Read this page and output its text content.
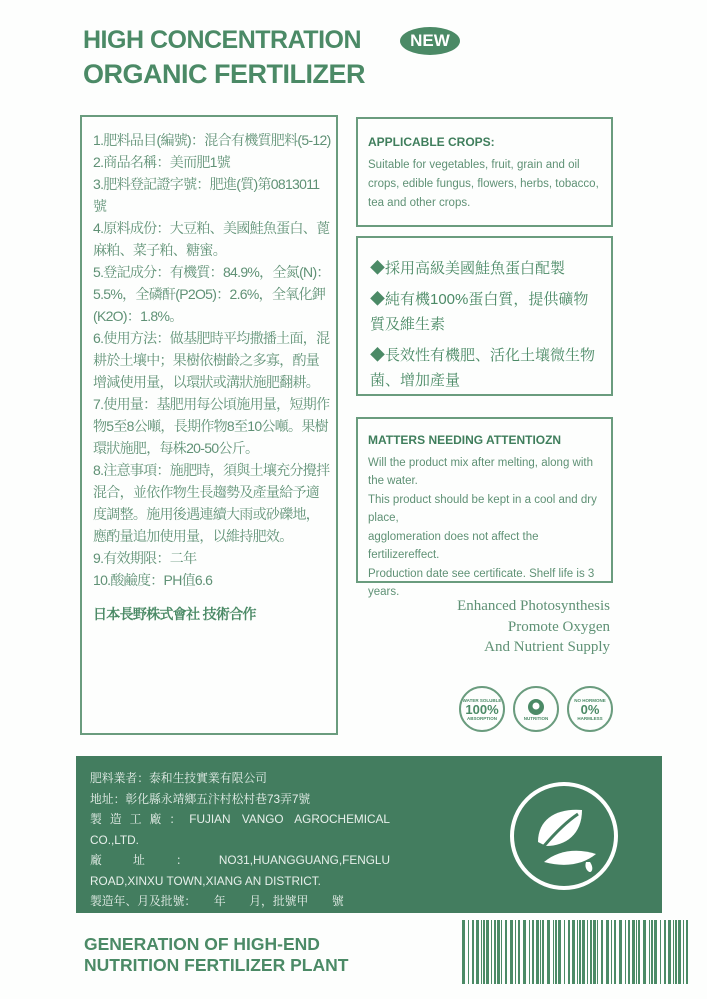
HIGH CONCENTRATION
ORGANIC FERTILIZER
NEW
1.肥料品目(編號)：混合有機質肥料(5-12)
2.商品名稱：美而肥1號
3.肥料登記證字號：肥進(質)第0813011號
4.原料成份：大豆粕、美國鮭魚蛋白、蓖麻粕、菜子粕、糖蜜。
5.登記成分：有機質：84.9%，全氮(N)：5.5%，全磷酐(P2O5)：2.6%，全氧化鉀(K2O)：1.8%。
6.使用方法：做基肥時平均撒播土面，混耕於土壤中；果樹依樹齡之多寡，酌量增減使用量，以環狀或溝狀施肥翻耕。
7.使用量：基肥用每公頃施用量，短期作物5至8公噸，長期作物8至10公噸。果樹環狀施肥，每株20-50公斤。
8.注意事項：施肥時，須與土壤充分攪拌混合，並依作物生長趨勢及產量給予適度調整。施用後遇連續大雨或砂礫地，應酌量追加使用量，以維持肥效。
9.有效期限：二年
10.酸鹼度：PH值6.6
日本長野株式會社 技術合作
APPLICABLE CROPS:
Suitable for vegetables, fruit, grain and oil crops, edible fungus, flowers, herbs, tobacco, tea and other crops.
◆採用高級美國鮭魚蛋白配製
◆純有機100%蛋白質，提供礦物質及維生素
◆長效性有機肥、活化土壤微生物菌、增加產量
MATTERS NEEDING ATTENTIOZN
Will the product mix after melting, along with the water.
This product should be kept in a cool and dry place,
agglomeration does not affect the fertilizereffect.
Production date see certificate. Shelf life is 3 years.
Enhanced Photosynthesis
Promote Oxygen
And Nutrient Supply
WATER SOLUBLE
100%
ABSORPTION	NUTRITION
NO HORMONE
0%
HARMLESS
肥料業者：泰和生技實業有限公司
地址：彰化縣永靖鄉五汴村松村巷73弄7號
製造工廠：FUJIAN VANGO AGROCHEMICAL
CO.,LTD.
廠址：NO31,HUANGGUANG,FENGLU
ROAD,XINXU TOWN,XIANG AN DISTRICT.
製造年、月及批號：　　年　　月，批號甲　　號
GENERATION OF HIGH-END
NUTRITION FERTILIZER PLANT
